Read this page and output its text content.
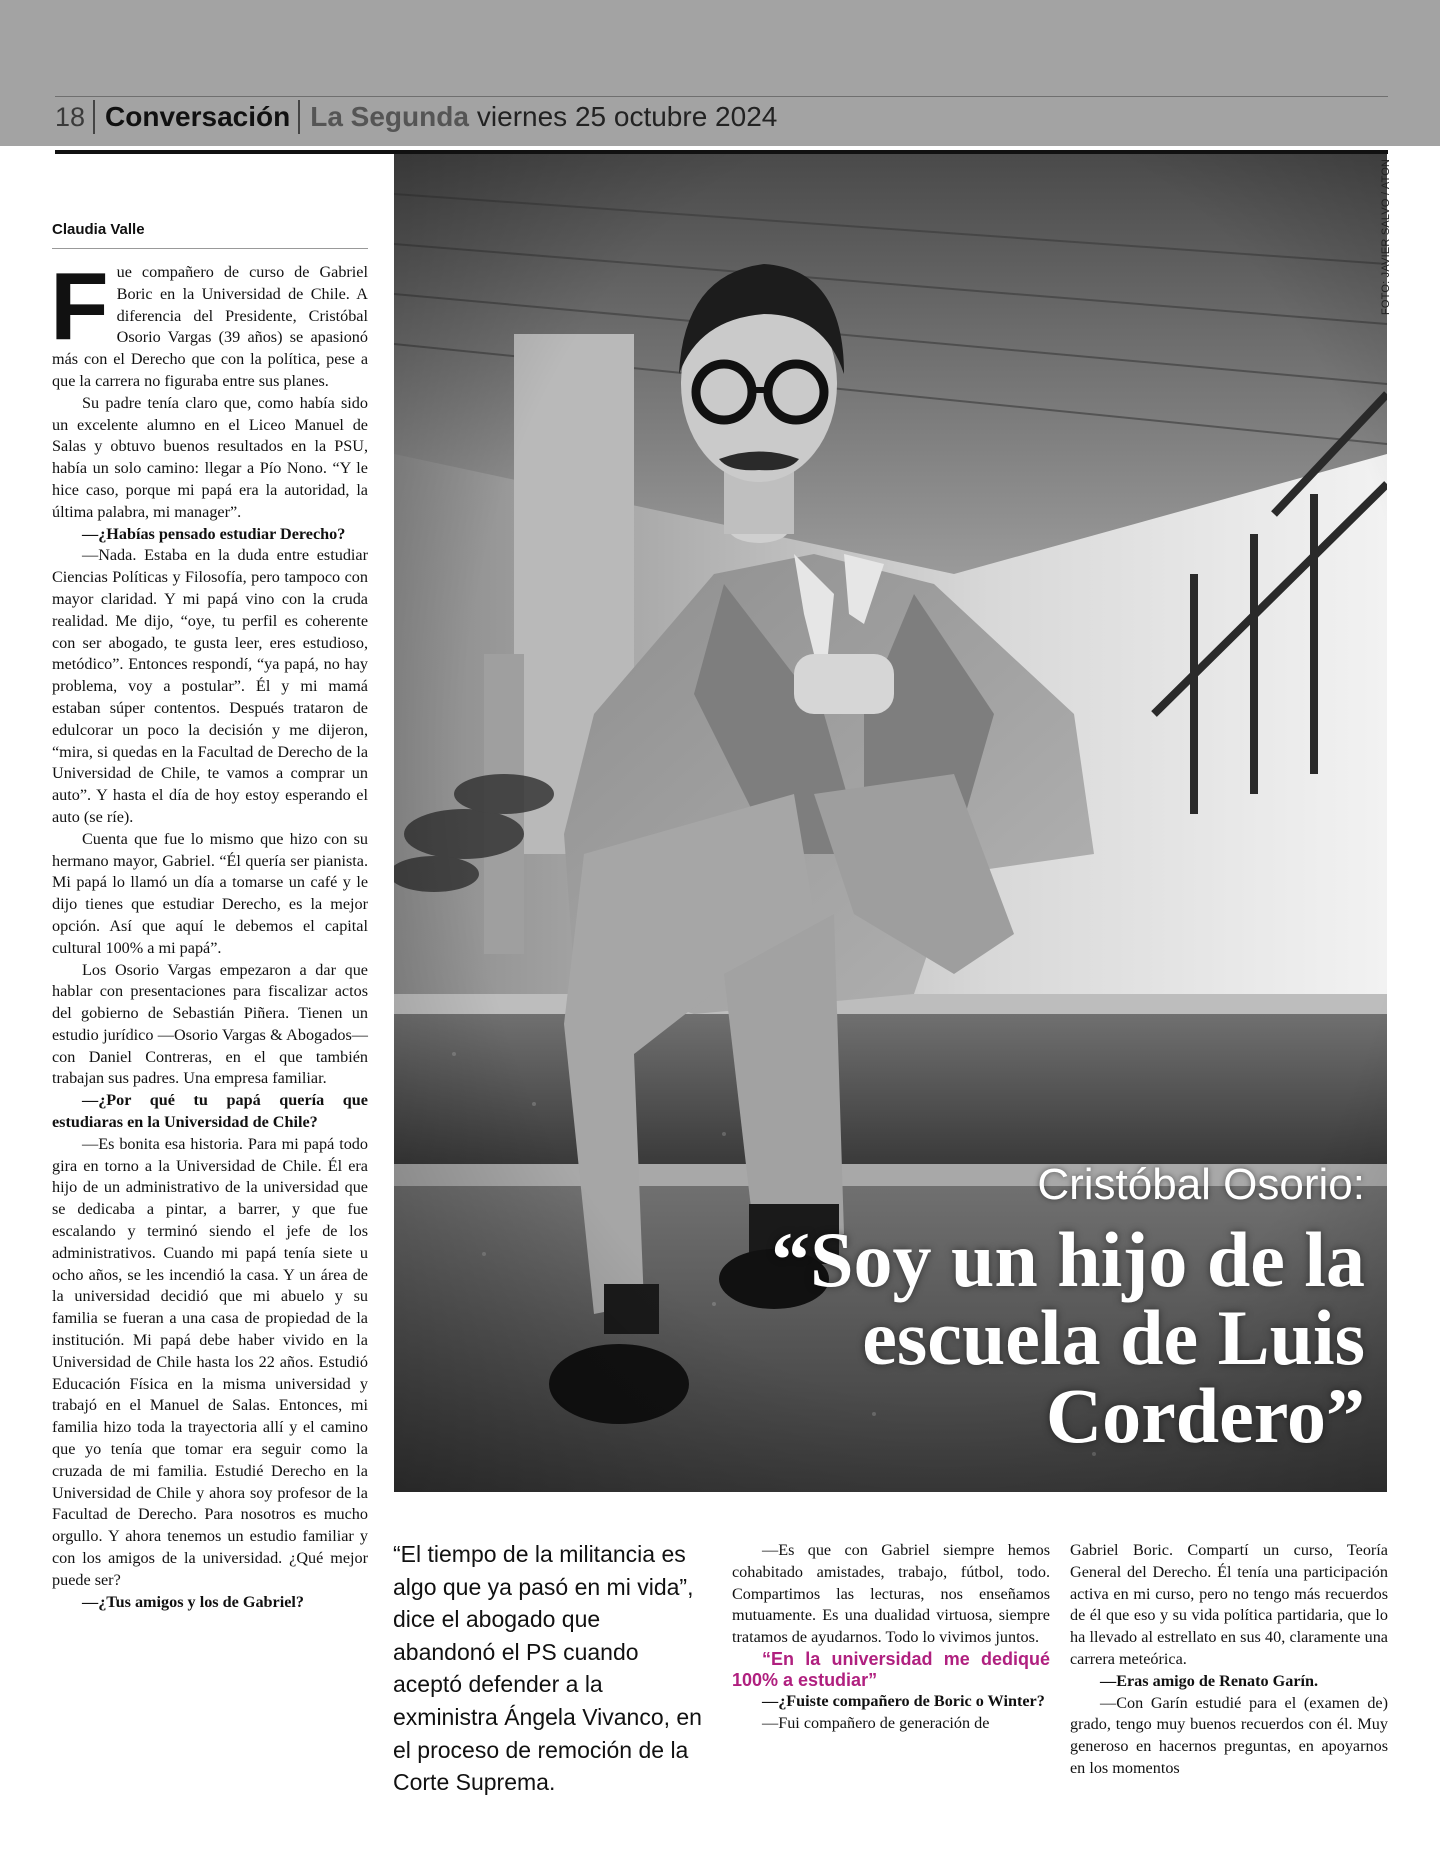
18 Conversación La Segunda viernes 25 octubre 2024
Claudia Valle
F ue compañero de curso de Gabriel Boric en la Universidad de Chile. A diferencia del Presidente, Cristóbal Osorio Vargas (39 años) se apasionó más con el Derecho que con la política, pese a que la carrera no figuraba entre sus planes.

Su padre tenía claro que, como había sido un excelente alumno en el Liceo Manuel de Salas y obtuvo buenos resultados en la PSU, había un solo camino: llegar a Pío Nono. “Y le hice caso, porque mi papá era la autoridad, la última palabra, mi manager”.

—¿Habías pensado estudiar Derecho?

—Nada. Estaba en la duda entre estudiar Ciencias Políticas y Filosofía, pero tampoco con mayor claridad. Y mi papá vino con la cruda realidad. Me dijo, “oye, tu perfil es coherente con ser abogado, te gusta leer, eres estudioso, metódico”. Entonces respondí, “ya papá, no hay problema, voy a postular”. Él y mi mamá estaban súper contentos. Después trataron de edulcorar un poco la decisión y me dijeron, “mira, si quedas en la Facultad de Derecho de la Universidad de Chile, te vamos a comprar un auto”. Y hasta el día de hoy estoy esperando el auto (se ríe).

Cuenta que fue lo mismo que hizo con su hermano mayor, Gabriel. “Él quería ser pianista. Mi papá lo llamó un día a tomarse un café y le dijo tienes que estudiar Derecho, es la mejor opción. Así que aquí le debemos el capital cultural 100% a mi papá”.

Los Osorio Vargas empezaron a dar que hablar con presentaciones para fiscalizar actos del gobierno de Sebastián Piñera. Tienen un estudio jurídico —Osorio Vargas & Abogados— con Daniel Contreras, en el que también trabajan sus padres. Una empresa familiar.

—¿Por qué tu papá quería que estudiaras en la Universidad de Chile?

—Es bonita esa historia. Para mi papá todo gira en torno a la Universidad de Chile. Él era hijo de un administrativo de la universidad que se dedicaba a pintar, a barrer, y que fue escalando y terminó siendo el jefe de los administrativos. Cuando mi papá tenía siete u ocho años, se les incendió la casa. Y un área de la universidad decidió que mi abuelo y su familia se fueran a una casa de propiedad de la institución. Mi papá debe haber vivido en la Universidad de Chile hasta los 22 años. Estudió Educación Física en la misma universidad y trabajó en el Manuel de Salas. Entonces, mi familia hizo toda la trayectoria allí y el camino que yo tenía que tomar era seguir como la cruzada de mi familia. Estudié Derecho en la Universidad de Chile y ahora soy profesor de la Facultad de Derecho. Para nosotros es mucho orgullo. Y ahora tenemos un estudio familiar y con los amigos de la universidad. ¿Qué mejor puede ser?

—¿Tus amigos y los de Gabriel?

Cristóbal Osorio:
“Soy un hijo de la escuela de Luis Cordero”
FOTO: JAVIER SALVO / ATON
“El tiempo de la militancia es algo que ya pasó en mi vida”, dice el abogado que abandonó el PS cuando aceptó defender a la exministra Ángela Vivanco, en el proceso de remoción de la Corte Suprema.

—Es que con Gabriel siempre hemos cohabitado amistades, trabajo, fútbol, todo. Compartimos las lecturas, nos enseñamos mutuamente. Es una dualidad virtuosa, siempre tratamos de ayudarnos. Todo lo vivimos juntos.

“En la universidad me dediqué 100% a estudiar”

—¿Fuiste compañero de Boric o Winter?

—Fui compañero de generación de

Gabriel Boric. Compartí un curso, Teoría General del Derecho. Él tenía una participación activa en mi curso, pero no tengo más recuerdos de él que eso y su vida política partidaria, que lo ha llevado al estrellato en sus 40, claramente una carrera meteórica.

—Eras amigo de Renato Garín.

—Con Garín estudié para el (examen de) grado, tengo muy buenos recuerdos con él. Muy generoso en hacernos preguntas, en apoyarnos en los momentos
